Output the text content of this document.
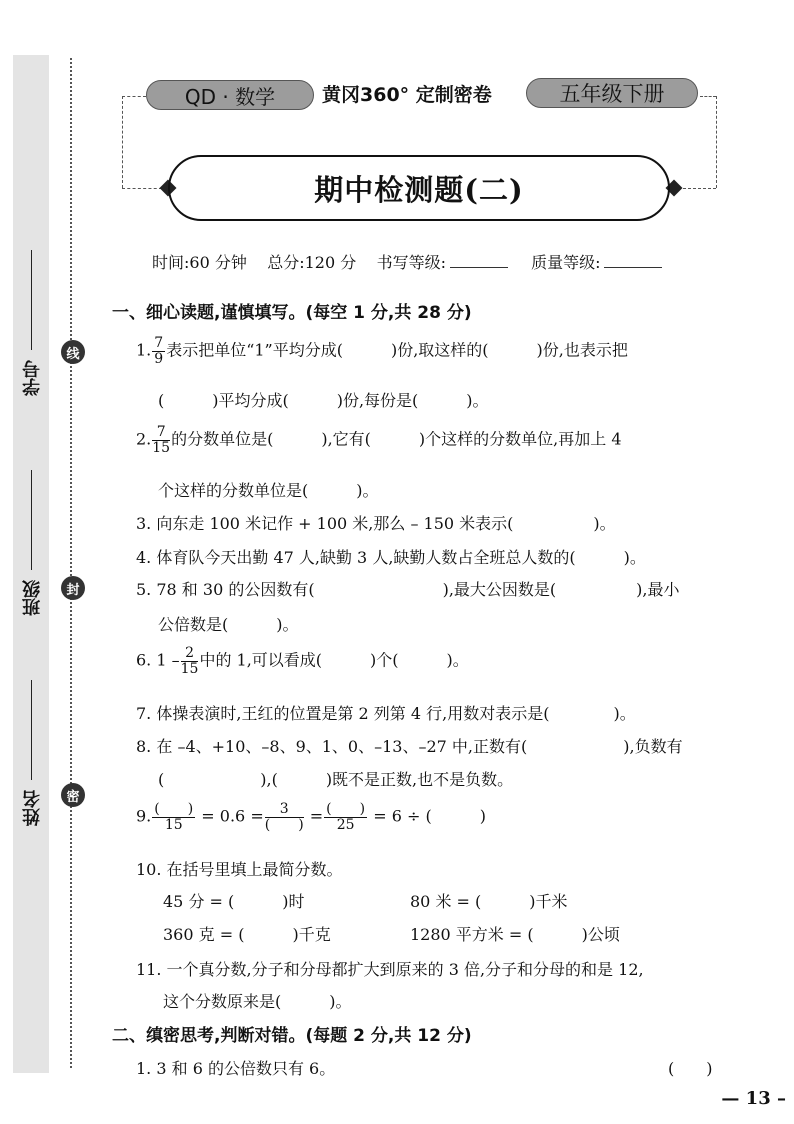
学号
班级
姓名
线
封
密
QD · 数学	黄冈360° 定制密卷	五年级下册
期中检测题(二)
时间:60 分钟 总分:120 分 书写等级:	质量等级:
一、细心读题,谨慎填写。(每空 1 分,共 28 分)
1. $\frac{7}{9}$ 表示把单位“1”平均分成(　　　)份,取这样的(　　　)份,也表示把
(　　　)平均分成(　　　)份,每份是(　　　)。
2. $\frac{7}{15}$ 的分数单位是(　　　),它有(　　　)个这样的分数单位,再加上 4
个这样的分数单位是(　　　)。
3. 向东走 100 米记作 + 100 米,那么 – 150 米表示(　　　　　)。
4. 体育队今天出勤 47 人,缺勤 3 人,缺勤人数占全班总人数的(　　　)。
5. 78 和 30 的公因数有(　　　　　　　　),最大公因数是(　　　　　),最小
公倍数是(　　　)。
6. $1 - \frac{2}{15}$ 中的 1,可以看成(　　　)个(　　　)。
7. 体操表演时,王红的位置是第 2 列第 4 行,用数对表示是(　　　　)。
8. 在 –4、+10、–8、9、1、0、–13、–27 中,正数有(　　　　　　),负数有
(　　　　　　),(　　　)既不是正数,也不是负数。
9. $\frac{( )}{15} = 0.6 = \frac{3}{( )} = \frac{( )}{25} = 6$ ÷ (　　　)
10. 在括号里填上最简分数。
45 分 = (　　　)时	80 米 = (　　　)千米
360 克 = (　　　)千克	1280 平方米 = (　　　)公顷
11. 一个真分数,分子和分母都扩大到原来的 3 倍,分子和分母的和是 12,
这个分数原来是(　　　)。
二、缜密思考,判断对错。(每题 2 分,共 12 分)
1. 3 和 6 的公倍数只有 6。	(　　)
— 13 –
